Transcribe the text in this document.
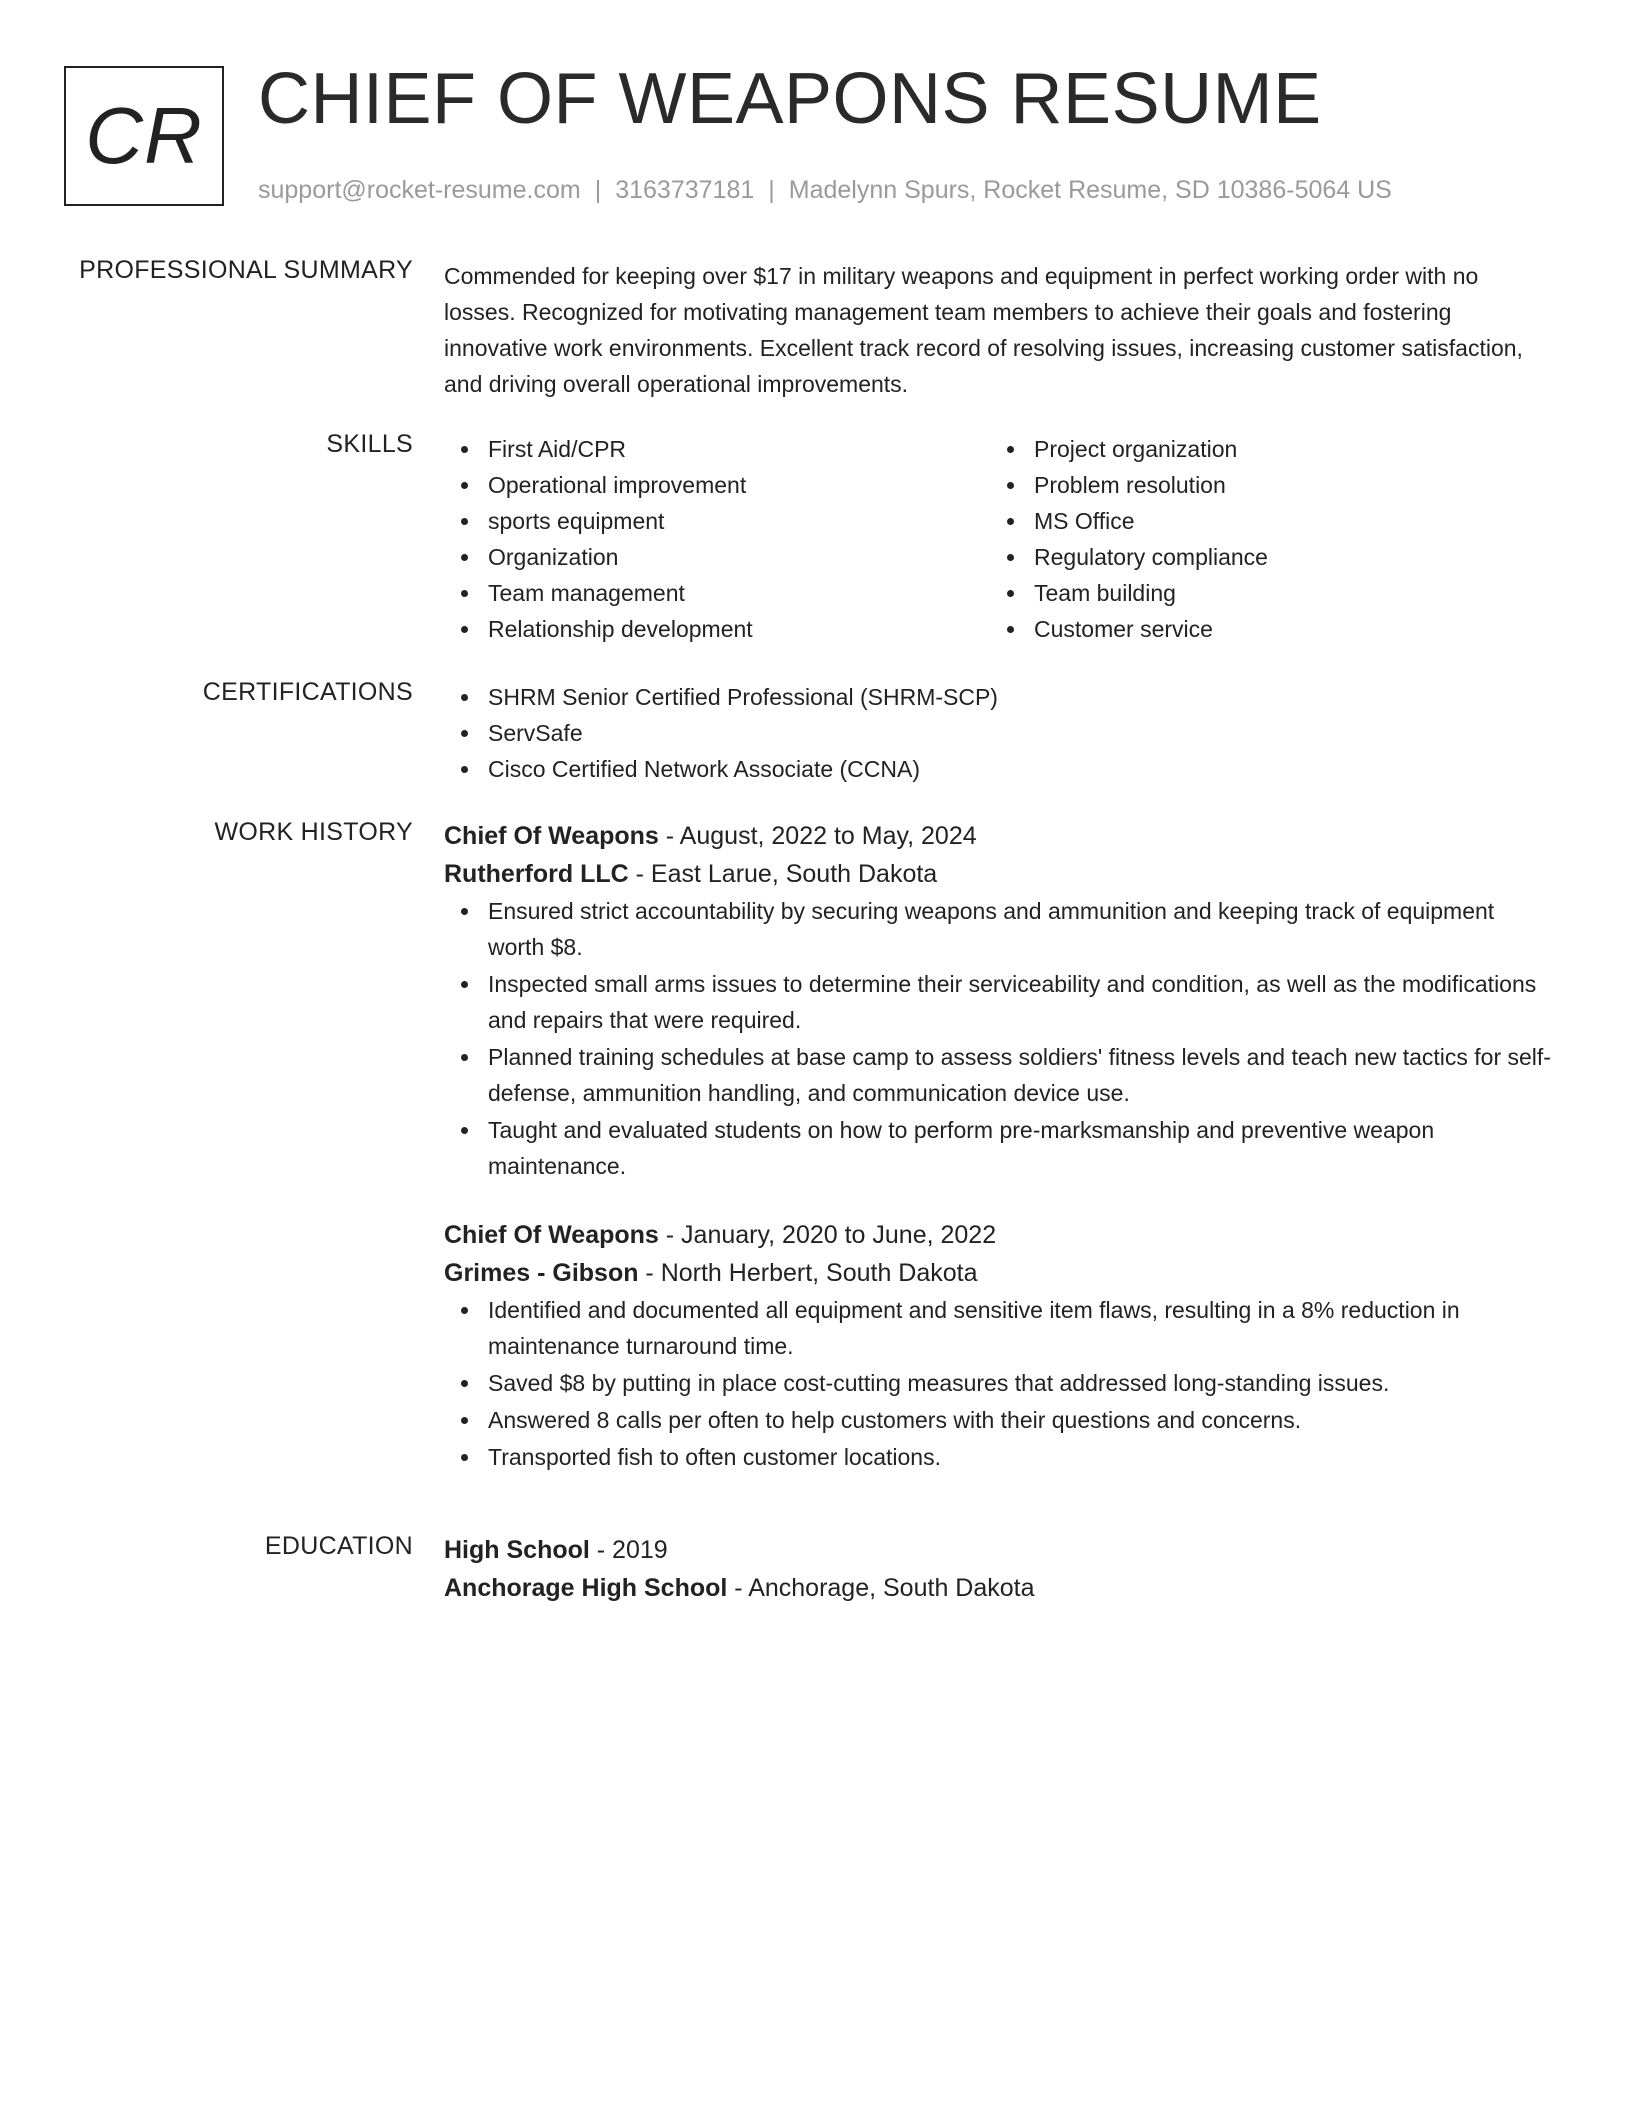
CR CHIEF OF WEAPONS RESUME
support@rocket-resume.com | 3163737181 | Madelynn Spurs, Rocket Resume, SD 10386-5064 US
PROFESSIONAL SUMMARY Commended for keeping over $17 in military weapons and equipment in perfect working order with no losses. Recognized for motivating management team members to achieve their goals and fostering innovative work environments. Excellent track record of resolving issues, increasing customer satisfaction, and driving overall operational improvements.

SKILLS	First Aid/CPR
Operational improvement
sports equipment
Organization
Team management
Relationship development
Project organization
Problem resolution
MS Office
Regulatory compliance
Team building
Customer service
CERTIFICATIONS	SHRM Senior Certified Professional (SHRM-SCP)
ServSafe
Cisco Certified Network Associate (CCNA)
WORK HISTORY Chief Of Weapons - August, 2022 to May, 2024
Rutherford LLC - East Larue, South Dakota
Ensured strict accountability by securing weapons and ammunition and keeping track of equipment worth $8.
Inspected small arms issues to determine their serviceability and condition, as well as the modifications and repairs that were required.
Planned training schedules at base camp to assess soldiers' fitness levels and teach new tactics for self-defense, ammunition handling, and communication device use.
Taught and evaluated students on how to perform pre-marksmanship and preventive weapon maintenance.
Chief Of Weapons - January, 2020 to June, 2022
Grimes - Gibson - North Herbert, South Dakota
Identified and documented all equipment and sensitive item flaws, resulting in a 8% reduction in maintenance turnaround time.
Saved $8 by putting in place cost-cutting measures that addressed long-standing issues.
Answered 8 calls per often to help customers with their questions and concerns.
Transported fish to often customer locations.
EDUCATION High School - 2019
Anchorage High School - Anchorage, South Dakota
